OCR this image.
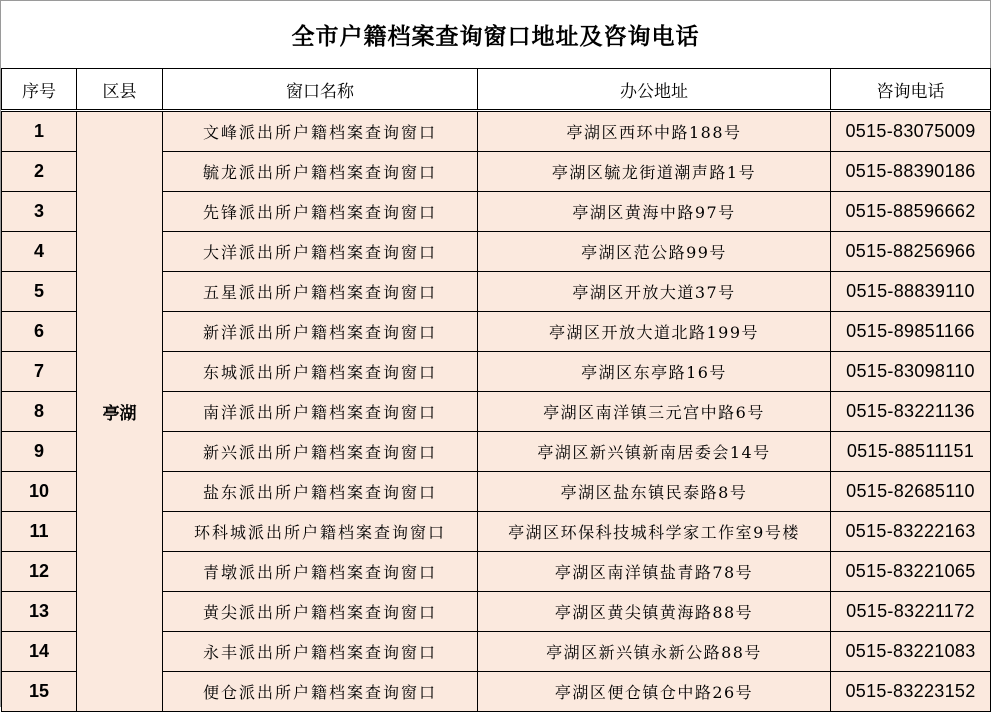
全市户籍档案查询窗口地址及咨询电话
序号	区县	窗口名称	办公地址	咨询电话
1	亭湖	文峰派出所户籍档案查询窗口	亭湖区西环中路188号	0515-83075009
2		毓龙派出所户籍档案查询窗口	亭湖区毓龙街道潮声路1号	0515-88390186
3		先锋派出所户籍档案查询窗口	亭湖区黄海中路97号	0515-88596662
4		大洋派出所户籍档案查询窗口	亭湖区范公路99号	0515-88256966
5		五星派出所户籍档案查询窗口	亭湖区开放大道37号	0515-88839110
6		新洋派出所户籍档案查询窗口	亭湖区开放大道北路199号	0515-89851166
7		东城派出所户籍档案查询窗口	亭湖区东亭路16号	0515-83098110
8		南洋派出所户籍档案查询窗口	亭湖区南洋镇三元宫中路6号	0515-83221136
9		新兴派出所户籍档案查询窗口	亭湖区新兴镇新南居委会14号	0515-88511151
10		盐东派出所户籍档案查询窗口	亭湖区盐东镇民泰路8号	0515-82685110
11		环科城派出所户籍档案查询窗口	亭湖区环保科技城科学家工作室9号楼	0515-83222163
12		青墩派出所户籍档案查询窗口	亭湖区南洋镇盐青路78号	0515-83221065
13		黄尖派出所户籍档案查询窗口	亭湖区黄尖镇黄海路88号	0515-83221172
14		永丰派出所户籍档案查询窗口	亭湖区新兴镇永新公路88号	0515-83221083
15		便仓派出所户籍档案查询窗口	亭湖区便仓镇仓中路26号	0515-83223152
